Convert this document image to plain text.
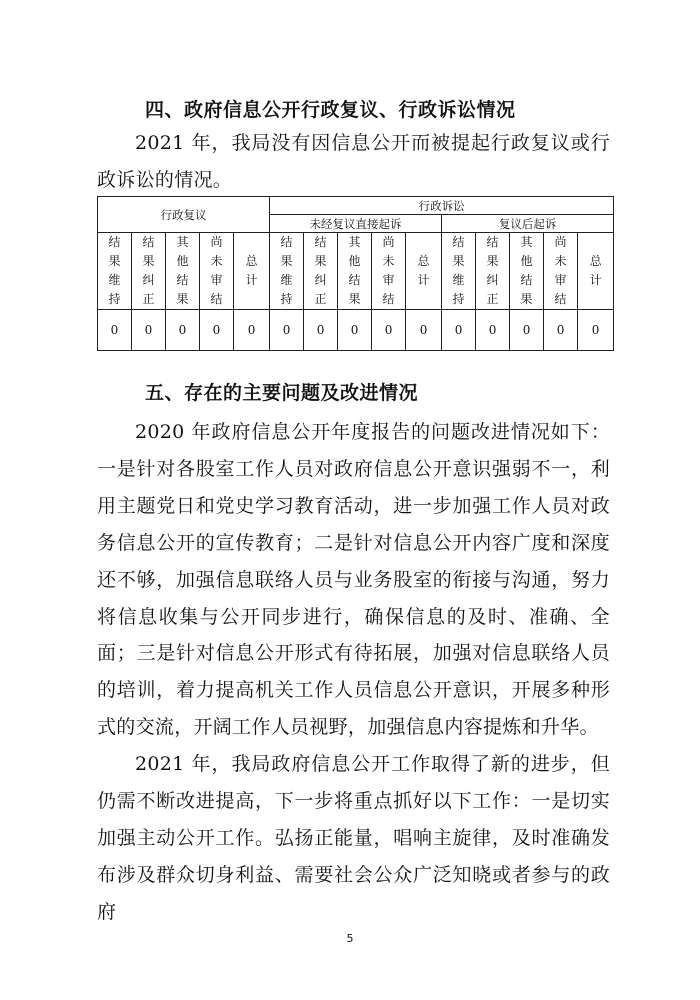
四、政府信息公开行政复议、行政诉讼情况
2021 年，我局没有因信息公开而被提起行政复议或行政诉讼的情况。
行政复议					行政诉讼									
					未经复议直接起诉					复议后起诉				
结果维持	结果纠正	其他结果	尚未审结	总计	结果维持	结果纠正	其他结果	尚未审结	总计	结果维持	结果纠正	其他结果	尚未审结	总计
0	0	0	0	0	0	0	0	0	0	0	0	0	0	0
五、存在的主要问题及改进情况
2020 年政府信息公开年度报告的问题改进情况如下：一是针对各股室工作人员对政府信息公开意识强弱不一，利用主题党日和党史学习教育活动，进一步加强工作人员对政务信息公开的宣传教育；二是针对信息公开内容广度和深度还不够，加强信息联络人员与业务股室的衔接与沟通，努力将信息收集与公开同步进行，确保信息的及时、准确、全面；三是针对信息公开形式有待拓展，加强对信息联络人员的培训，着力提高机关工作人员信息公开意识，开展多种形式的交流，开阔工作人员视野，加强信息内容提炼和升华。
2021 年，我局政府信息公开工作取得了新的进步，但仍需不断改进提高，下一步将重点抓好以下工作：一是切实加强主动公开工作。弘扬正能量，唱响主旋律，及时准确发布涉及群众切身利益、需要社会公众广泛知晓或者参与的政府
5
